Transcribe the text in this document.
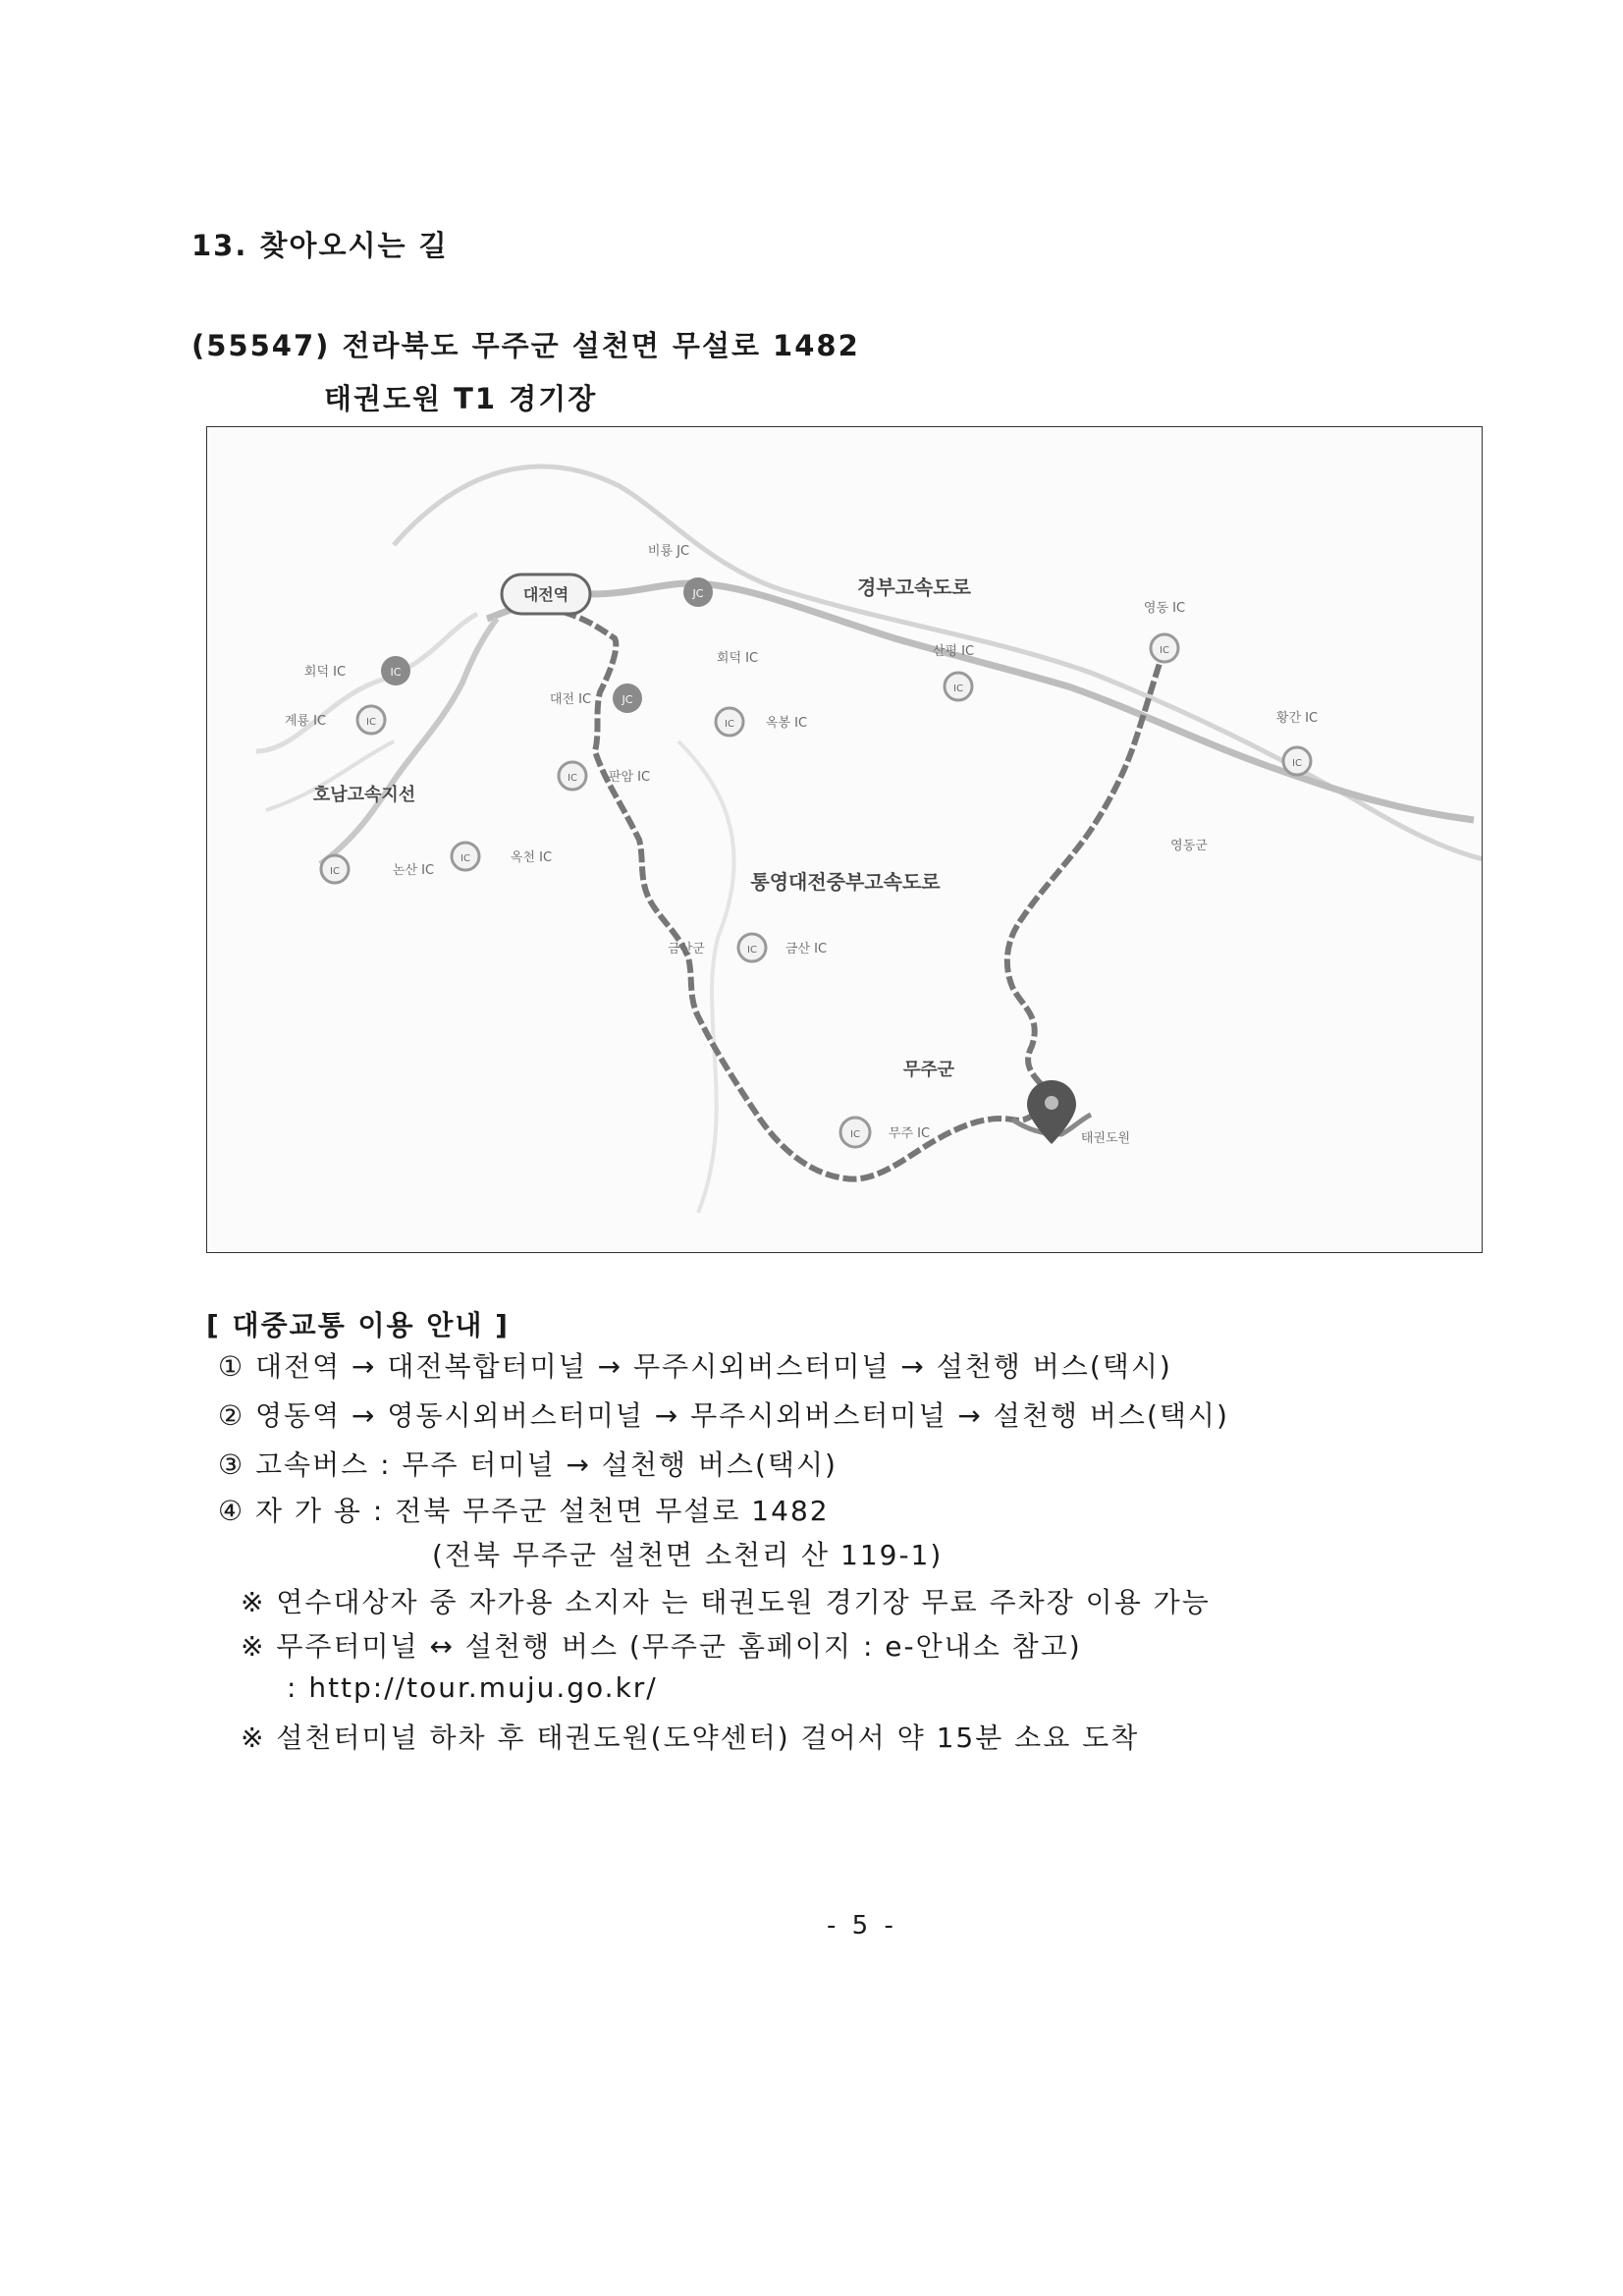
13. 찾아오시는 길
(55547) 전라북도 무주군 설천면 무설로 1482
태권도원 T1 경기장
대전역	JC
비룡 JC
IC
회덕 IC
JC
대전 IC
IC
계룡 IC
IC	논산 IC
IC 판암 IC
IC	옥천 IC
IC 옥봉 IC
IC
산평 IC	IC
영동 IC
IC
황간 IC
IC 금산 IC
IC 무주 IC
경부고속도로
호남고속지선
통영대전중부고속도로
회덕 IC
영동군
금산군
무주군
태권도원
[ 대중교통 이용 안내 ]
① 대전역 → 대전복합터미널 → 무주시외버스터미널 → 설천행 버스(택시)
② 영동역 → 영동시외버스터미널 → 무주시외버스터미널 → 설천행 버스(택시)
③ 고속버스 : 무주 터미널 → 설천행 버스(택시)
④ 자 가 용 : 전북 무주군 설천면 무설로 1482
(전북 무주군 설천면 소천리 산 119-1)
※ 연수대상자 중 자가용 소지자 는 태권도원 경기장 무료 주차장 이용 가능
※ 무주터미널 ↔ 설천행 버스 (무주군 홈페이지 : e-안내소 참고)
: http://tour.muju.go.kr/
※ 설천터미널 하차 후 태권도원(도약센터) 걸어서 약 15분 소요 도착
- 5 -
